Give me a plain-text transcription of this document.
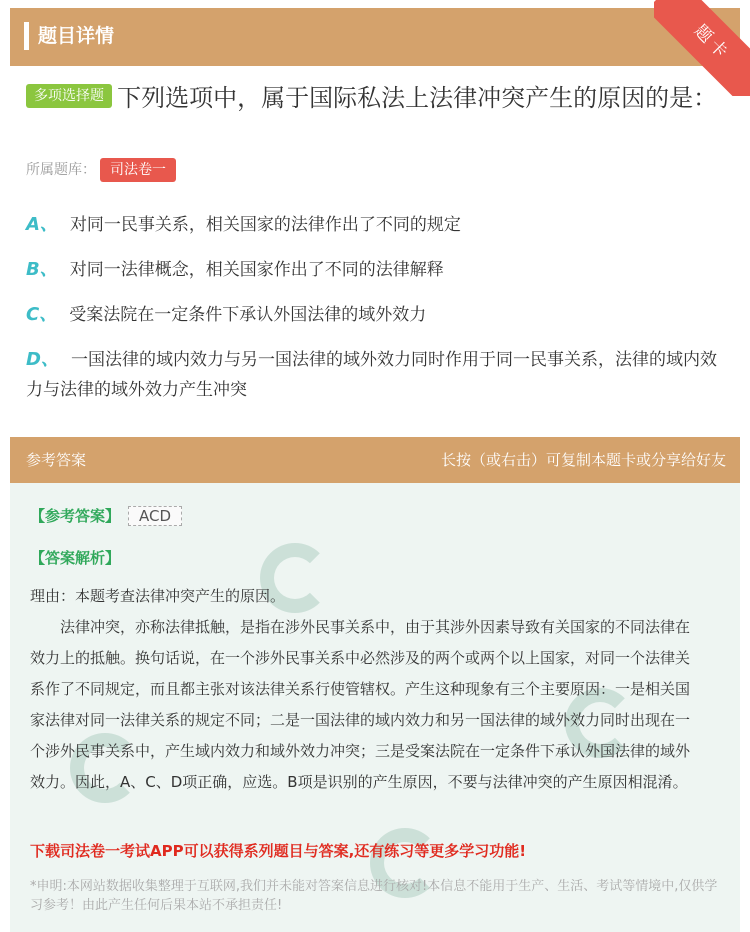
题目详情	题卡
多项选择题 下列选项中，属于国际私法上法律冲突产生的原因的是：
所属题库： 司法卷一
A、 对同一民事关系，相关国家的法律作出了不同的规定
B、 对同一法律概念，相关国家作出了不同的法律解释
C、 受案法院在一定条件下承认外国法律的域外效力
D、 一国法律的域内效力与另一国法律的域外效力同时作用于同一民事关系，法律的域内效力与法律的域外效力产生冲突
参考答案	长按（或右击）可复制本题卡或分享给好友
【参考答案】 ACD
【答案解析】

理由：本题考查法律冲突产生的原因。

法律冲突，亦称法律抵触，是指在涉外民事关系中，由于其涉外因素导致有关国家的不同法律在效力上的抵触。换句话说，在一个涉外民事关系中必然涉及的两个或两个以上国家，对同一个法律关系作了不同规定，而且都主张对该法律关系行使管辖权。产生这种现象有三个主要原因：一是相关国家法律对同一法律关系的规定不同；二是一国法律的域内效力和另一国法律的域外效力同时出现在一个涉外民事关系中，产生域内效力和域外效力冲突；三是受案法院在一定条件下承认外国法律的域外效力。因此，A、C、D项正确，应选。B项是识别的产生原因，不要与法律冲突的产生原因相混淆。

下载司法卷一考试APP可以获得系列题目与答案,还有练习等更多学习功能!
*申明:本网站数据收集整理于互联网,我们并未能对答案信息进行核对!本信息不能用于生产、生活、考试等情境中,仅供学习参考！由此产生任何后果本站不承担责任!
